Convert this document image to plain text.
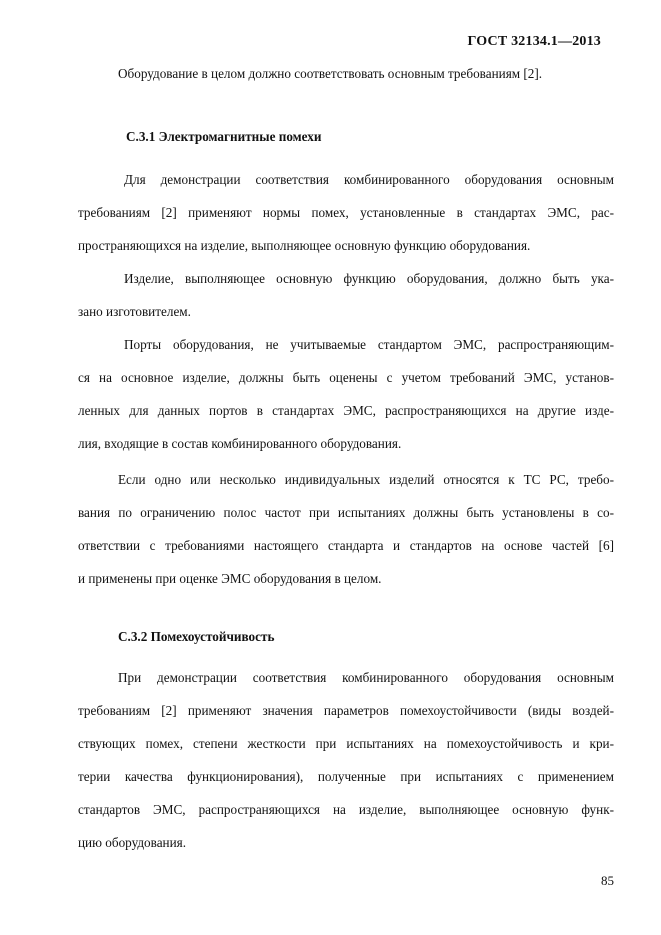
ГОСТ 32134.1—2013
Оборудование в целом должно соответствовать основным требованиям [2].
С.3.1 Электромагнитные помехи
Для демонстрации соответствия комбинированного оборудования основным
требованиям [2] применяют нормы помех, установленные в стандартах ЭМС, рас-
пространяющихся на изделие, выполняющее основную функцию оборудования.
Изделие, выполняющее основную функцию оборудования, должно быть ука-
зано изготовителем.
Порты оборудования, не учитываемые стандартом ЭМС, распространяющим-
ся на основное изделие, должны быть оценены с учетом требований ЭМС, установ-
ленных для данных портов в стандартах ЭМС, распространяющихся на другие изде-
лия, входящие в состав комбинированного оборудования.
Если одно или несколько индивидуальных изделий относятся к ТС РС, требо-
вания по ограничению полос частот при испытаниях должны быть установлены в со-
ответствии с требованиями настоящего стандарта и стандартов на основе частей [6]
и применены при оценке ЭМС оборудования в целом.
С.3.2 Помехоустойчивость
При демонстрации соответствия комбинированного оборудования основным
требованиям [2] применяют значения параметров помехоустойчивости (виды воздей-
ствующих помех, степени жесткости при испытаниях на помехоустойчивость и кри-
терии качества функционирования), полученные при испытаниях с применением
стандартов ЭМС, распространяющихся на изделие, выполняющее основную функ-
цию оборудования.
85
